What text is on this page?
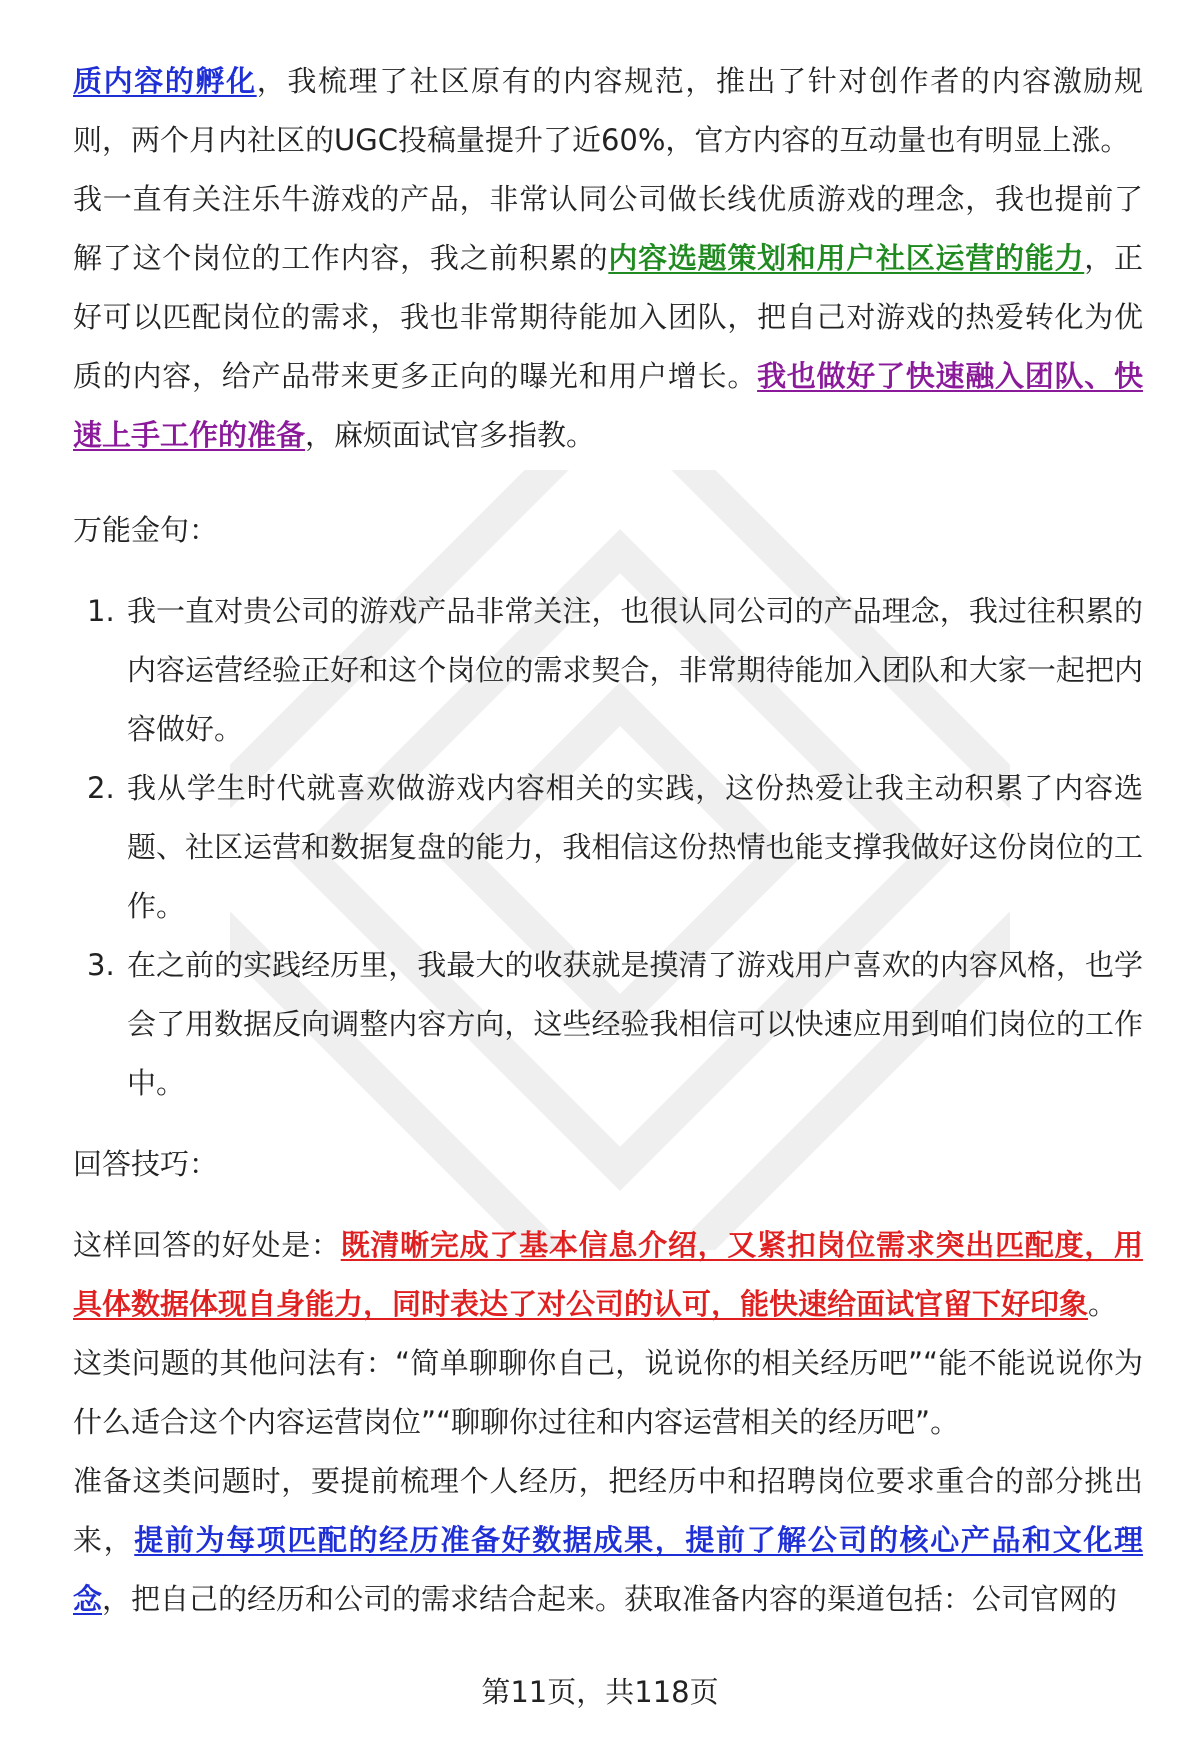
质内容的孵化，我梳理了社区原有的内容规范，推出了针对创作者的内容激励规则，两个月内社区的UGC投稿量提升了近60%，官方内容的互动量也有明显上涨。

我一直有关注乐牛游戏的产品，非常认同公司做长线优质游戏的理念，我也提前了解了这个岗位的工作内容，我之前积累的内容选题策划和用户社区运营的能力，正好可以匹配岗位的需求，我也非常期待能加入团队，把自己对游戏的热爱转化为优质的内容，给产品带来更多正向的曝光和用户增长。我也做好了快速融入团队、快速上手工作的准备，麻烦面试官多指教。

万能金句：

1. 我一直对贵公司的游戏产品非常关注，也很认同公司的产品理念，我过往积累的内容运营经验正好和这个岗位的需求契合，非常期待能加入团队和大家一起把内容做好。
2. 我从学生时代就喜欢做游戏内容相关的实践，这份热爱让我主动积累了内容选题、社区运营和数据复盘的能力，我相信这份热情也能支撑我做好这份岗位的工作。
3. 在之前的实践经历里，我最大的收获就是摸清了游戏用户喜欢的内容风格，也学会了用数据反向调整内容方向，这些经验我相信可以快速应用到咱们岗位的工作中。

回答技巧：

这样回答的好处是：既清晰完成了基本信息介绍，又紧扣岗位需求突出匹配度，用具体数据体现自身能力，同时表达了对公司的认可，能快速给面试官留下好印象。

这类问题的其他问法有：“简单聊聊你自己，说说你的相关经历吧”“能不能说说你为什么适合这个内容运营岗位”“聊聊你过往和内容运营相关的经历吧”。

准备这类问题时，要提前梳理个人经历，把经历中和招聘岗位要求重合的部分挑出来，提前为每项匹配的经历准备好数据成果，提前了解公司的核心产品和文化理念，把自己的经历和公司的需求结合起来。获取准备内容的渠道包括：公司官网的

第11页，共118页
